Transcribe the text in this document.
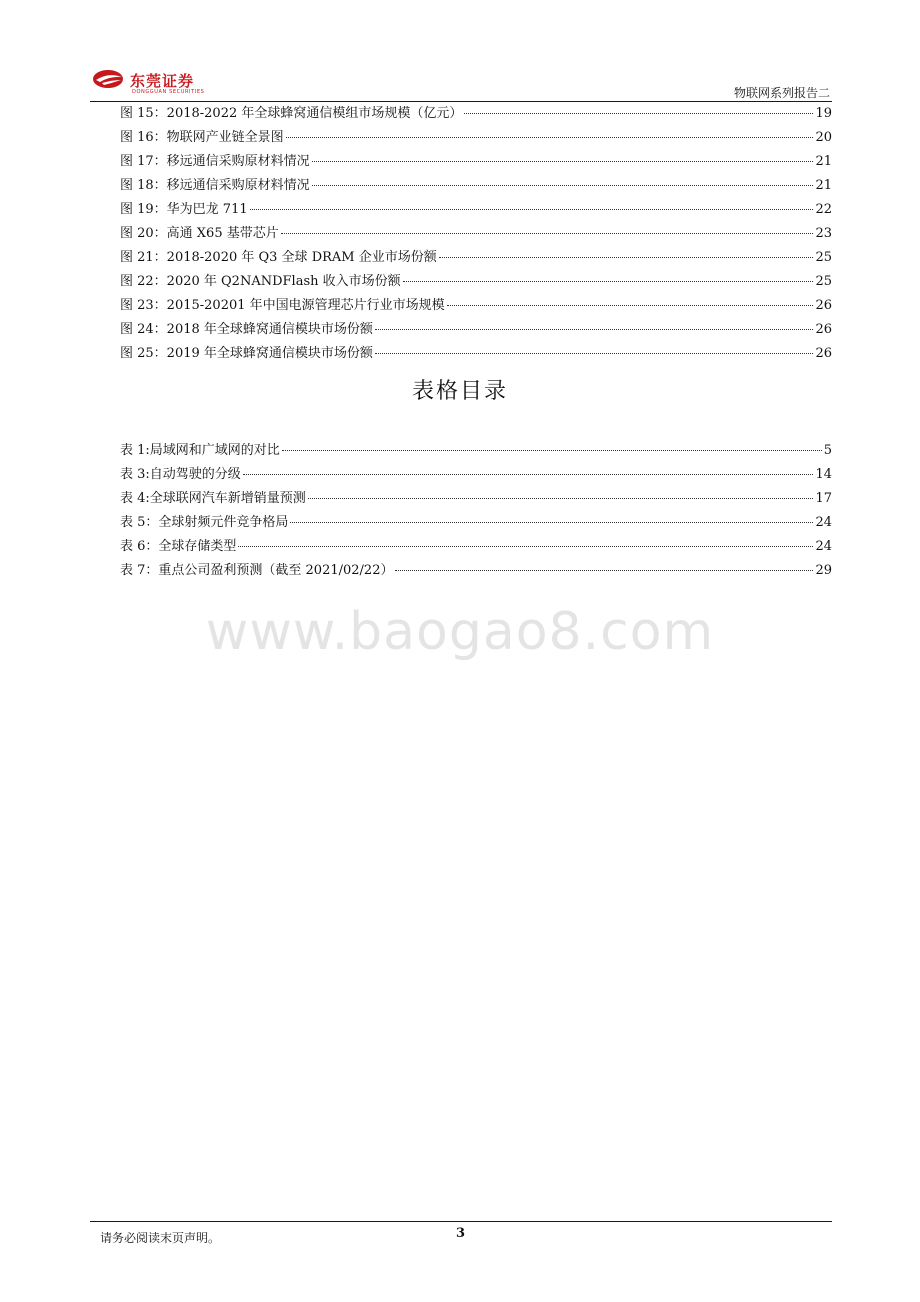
东莞证券
DONGGUAN SECURITIES	物联网系列报告二
图 15：2018-2022 年全球蜂窝通信模组市场规模（亿元）	19
图 16：物联网产业链全景图	20
图 17：移远通信采购原材料情况	21
图 18：移远通信采购原材料情况	21
图 19：华为巴龙 711	22
图 20：高通 X65 基带芯片	23
图 21：2018-2020 年 Q3 全球 DRAM 企业市场份额	25
图 22：2020 年 Q2NANDFlash 收入市场份额	25
图 23：2015-20201 年中国电源管理芯片行业市场规模	26
图 24：2018 年全球蜂窝通信模块市场份额	26
图 25：2019 年全球蜂窝通信模块市场份额	26
表格目录
表 1:局域网和广域网的对比	5
表 3:自动驾驶的分级	14
表 4:全球联网汽车新增销量预测	17
表 5：全球射频元件竞争格局	24
表 6：全球存储类型	24
表 7：重点公司盈利预测（截至 2021/02/22）	29
www.baogao8.com
请务必阅读末页声明。	3
